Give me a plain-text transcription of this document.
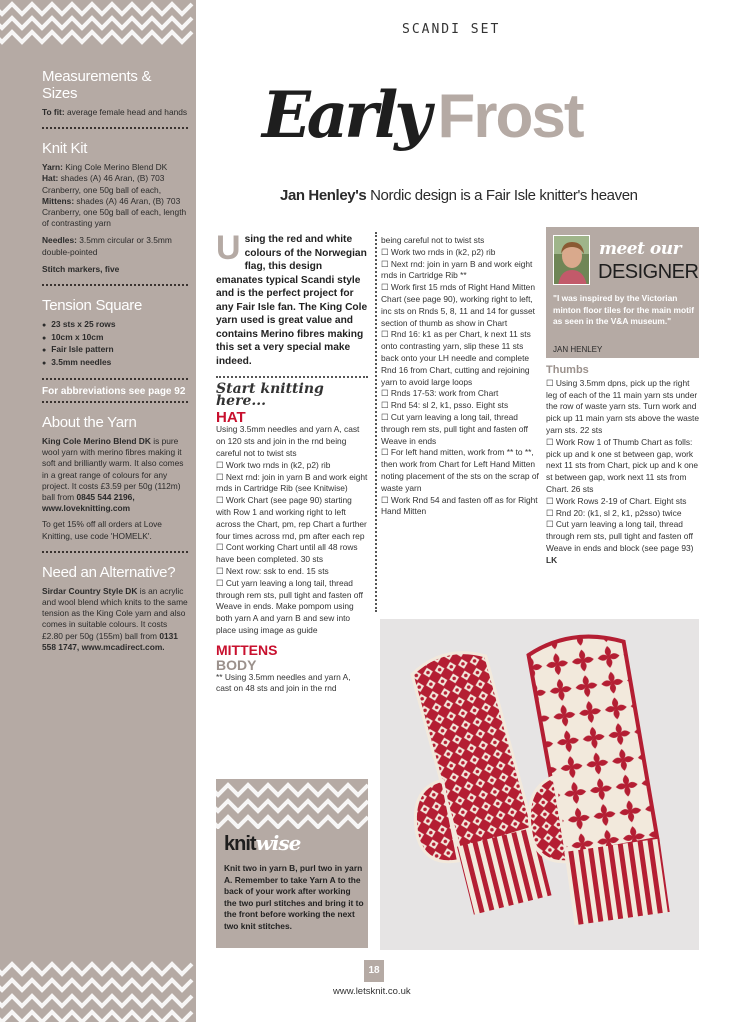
Measurements & Sizes
To fit: average female head and hands
Knit Kit
Yarn: King Cole Merino Blend DK
Hat: shades (A) 46 Aran, (B) 703 Cranberry, one 50g ball of each,
Mittens: shades (A) 46 Aran, (B) 703 Cranberry, one 50g ball of each, length of contrasting yarn
Needles: 3.5mm circular or 3.5mm double-pointed
Stitch markers, five
Tension Square
● 23 sts x 25 rows
● 10cm x 10cm
● Fair Isle pattern
● 3.5mm needles
For abbreviations see page 92
About the Yarn
King Cole Merino Blend DK is pure wool yarn with merino fibres making it soft and brilliantly warm. It also comes in a great range of colours for any project. It costs £3.59 per 50g (112m) ball from 0845 544 2196,
www.loveknitting.com
To get 15% off all orders at Love Knitting, use code 'HOMELK'.
Need an Alternative?
Sirdar Country Style DK is an acrylic and wool blend which knits to the same tension as the King Cole yarn and also comes in suitable colours. It costs £2.80 per 50g (155m) ball from 0131 558 1747, www.mcadirect.com.
SCANDI SET
Early Frost
Jan Henley's Nordic design is a Fair Isle knitter's heaven
Using the red and white colours of the Norwegian flag, this design emanates typical Scandi style and is the perfect project for any Fair Isle fan. The King Cole yarn used is great value and contains Merino fibres making this set a very special make indeed.
Start knitting here...
HAT

Using 3.5mm needles and yarn A, cast on 120 sts and join in the rnd being careful not to twist sts

☐ Work two rnds in (k2, p2) rib

☐ Next rnd: join in yarn B and work eight rnds in Cartridge Rib (see Knitwise)

☐ Work Chart (see page 90) starting with Row 1 and working right to left across the Chart, pm, rep Chart a further four times across rnd, pm after each rep

☐ Cont working Chart until all 48 rows have been completed. 30 sts

☐ Next row: ssk to end. 15 sts

☐ Cut yarn leaving a long tail, thread through rem sts, pull tight and fasten off

Weave in ends. Make pompom using both yarn A and yarn B and sew into place using image as guide

MITTENS
BODY

** Using 3.5mm needles and yarn A, cast on 48 sts and join in the rnd

being careful not to twist sts

☐ Work two rnds in (k2, p2) rib

☐ Next rnd: join in yarn B and work eight rnds in Cartridge Rib **

☐ Work first 15 rnds of Right Hand Mitten Chart (see page 90), working right to left, inc sts on Rnds 5, 8, 11 and 14 for gusset section of thumb as show in Chart

☐ Rnd 16: k1 as per Chart, k next 11 sts onto contrasting yarn, slip these 11 sts back onto your LH needle and complete Rnd 16 from Chart, cutting and rejoining yarn to avoid large loops

☐ Rnds 17-53: work from Chart

☐ Rnd 54: sl 2, k1, psso. Eight sts

☐ Cut yarn leaving a long tail, thread through rem sts, pull tight and fasten off

Weave in ends

☐ For left hand mitten, work from ** to **, then work from Chart for Left Hand Mitten noting placement of the sts on the scrap of waste yarn

☐ Work Rnd 54 and fasten off as for Right Hand Mitten

meet our
DESIGNER
"I was inspired by the Victorian minton floor tiles for the main motif as seen in the V&A museum."
JAN HENLEY
Thumbs

☐ Using 3.5mm dpns, pick up the right leg of each of the 11 main yarn sts under the row of waste yarn sts. Turn work and pick up 11 main yarn sts above the waste yarn sts. 22 sts

☐ Work Row 1 of Thumb Chart as folls: pick up and k one st between gap, work next 11 sts from Chart, pick up and k one st between gap, work next 11 sts from Chart. 26 sts

☐ Work Rows 2-19 of Chart. Eight sts

☐ Rnd 20: (k1, sl 2, k1, p2sso) twice

☐ Cut yarn leaving a long tail, thread through rem sts, pull tight and fasten off

Weave in ends and block (see page 93) LK

knitwise
Knit two in yarn B, purl two in yarn A. Remember to take Yarn A to the back of your work after working the two purl stitches and bring it to the front before working the next two knit stitches.
18
www.letsknit.co.uk
